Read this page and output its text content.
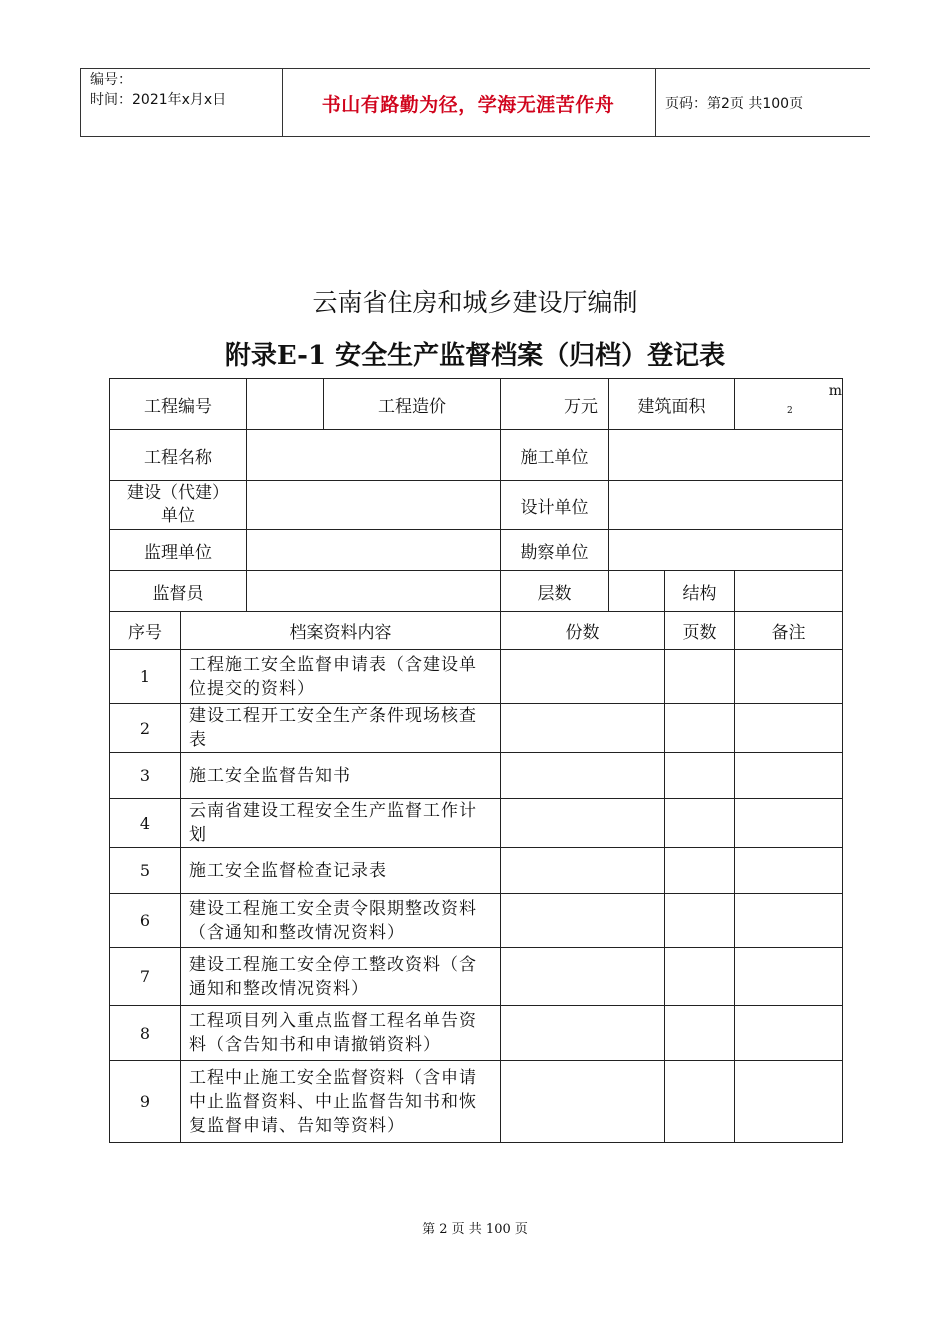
编号：
时间：2021年x月x日	书山有路勤为径，学海无涯苦作舟	页码：第2页 共100页
云南省住房和城乡建设厅编制
附录E-1 安全生产监督档案（归档）登记表
工程编号			工程造价	万元	建筑面积		m
2

工程名称				施工单位			
建设（代建）单位				设计单位			
监理单位				勘察单位			
监督员				层数		结构	
序号	档案资料内容			份数		页数	备注
1	工程施工安全监督申请表（含建设单位提交的资料）						
2	建设工程开工安全生产条件现场核查表						
3	施工安全监督告知书						
4	云南省建设工程安全生产监督工作计划						
5	施工安全监督检查记录表						
6	建设工程施工安全责令限期整改资料（含通知和整改情况资料）						
7	建设工程施工安全停工整改资料（含通知和整改情况资料）						
8	工程项目列入重点监督工程名单告资料（含告知书和申请撤销资料）						
9	工程中止施工安全监督资料（含申请中止监督资料、中止监督告知书和恢复监督申请、告知等资料）						
第 2 页 共 100 页
